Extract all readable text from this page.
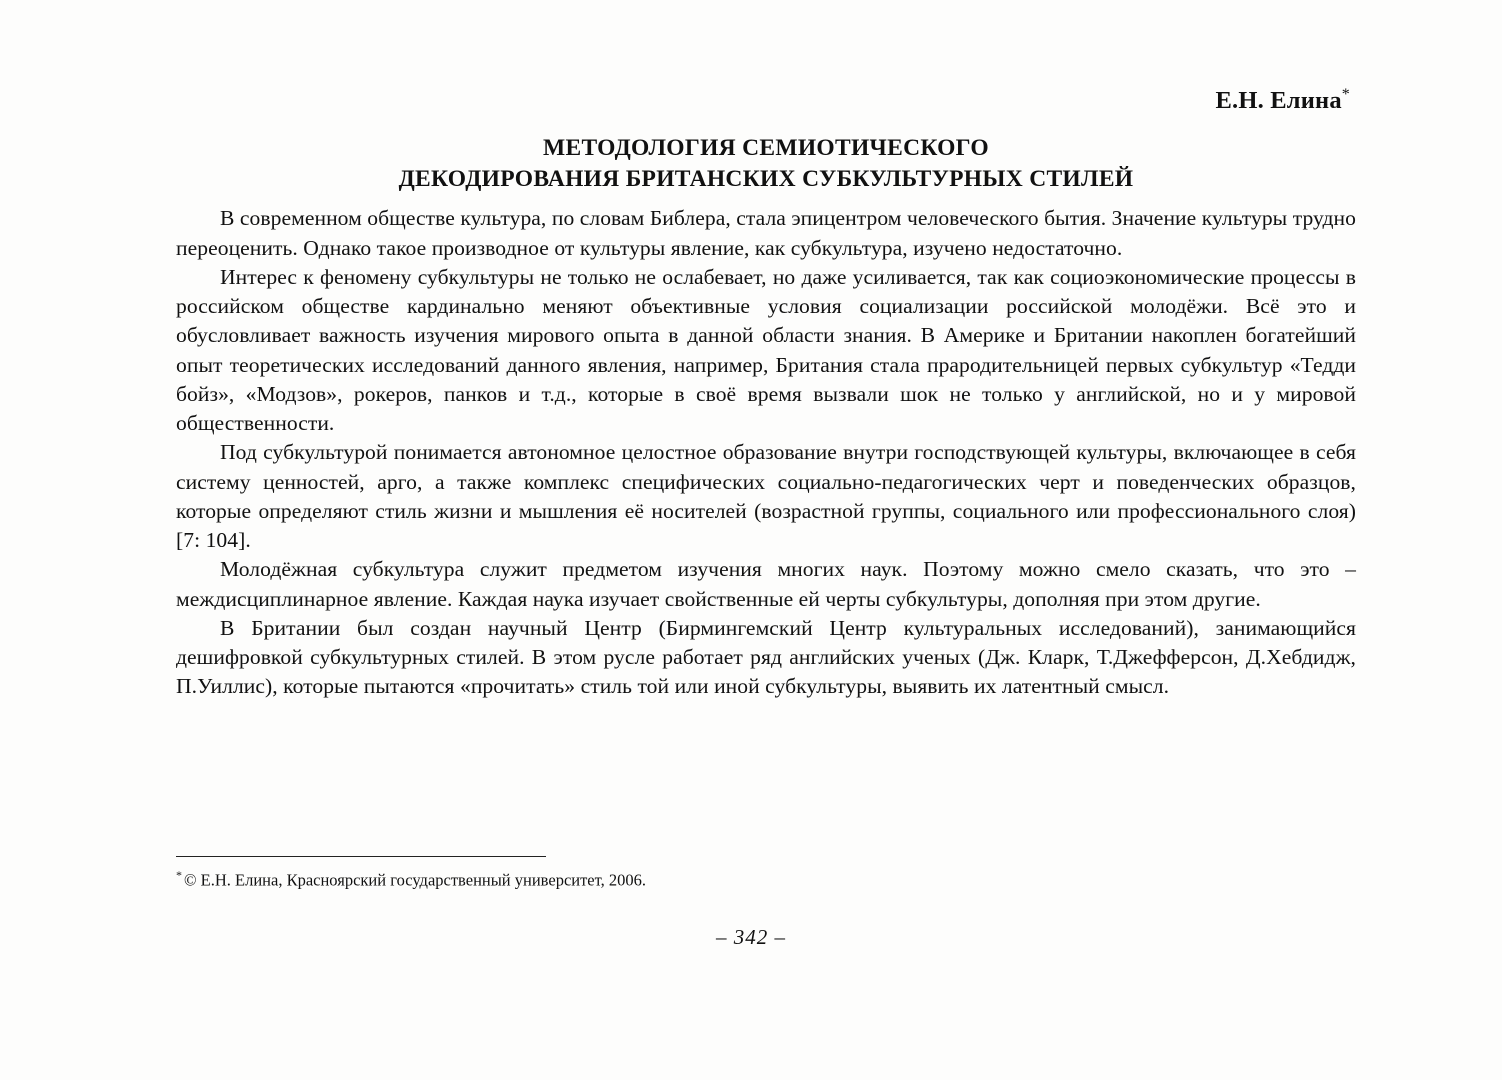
Е.Н. Елина*
МЕТОДОЛОГИЯ СЕМИОТИЧЕСКОГО
ДЕКОДИРОВАНИЯ БРИТАНСКИХ СУБКУЛЬТУРНЫХ СТИЛЕЙ

В современном обществе культура, по словам Библера, стала эпицентром человеческого бытия. Значение культуры трудно переоценить. Однако такое производное от культуры явление, как субкультура, изучено недостаточно.

Интерес к феномену субкультуры не только не ослабевает, но даже усиливается, так как социоэкономические процессы в российском обществе кардинально меняют объективные условия социализации российской молодёжи. Всё это и обусловливает важность изучения мирового опыта в данной области знания. В Америке и Британии накоплен богатейший опыт теоретических исследований данного явления, например, Британия стала прародительницей первых субкультур «Тедди бойз», «Модзов», рокеров, панков и т.д., которые в своё время вызвали шок не только у английской, но и у мировой общественности.

Под субкультурой понимается автономное целостное образование внутри господствующей культуры, включающее в себя систему ценностей, арго, а также комплекс специфических социально-педагогических черт и поведенческих образцов, которые определяют стиль жизни и мышления её носителей (возрастной группы, социального или профессионального слоя) [7: 104].

Молодёжная субкультура служит предметом изучения многих наук. Поэтому можно смело сказать, что это – междисциплинарное явление. Каждая наука изучает свойственные ей черты субкультуры, дополняя при этом другие.

В Британии был создан научный Центр (Бирмингемский Центр культуральных исследований), занимающийся дешифровкой субкультурных стилей. В этом русле работает ряд английских ученых (Дж. Кларк, Т.Джефферсон, Д.Хебдидж, П.Уиллис), которые пытаются «прочитать» стиль той или иной субкультуры, выявить их латентный смысл.

* © Е.Н. Елина, Красноярский государственный университет, 2006.

– 342 –
